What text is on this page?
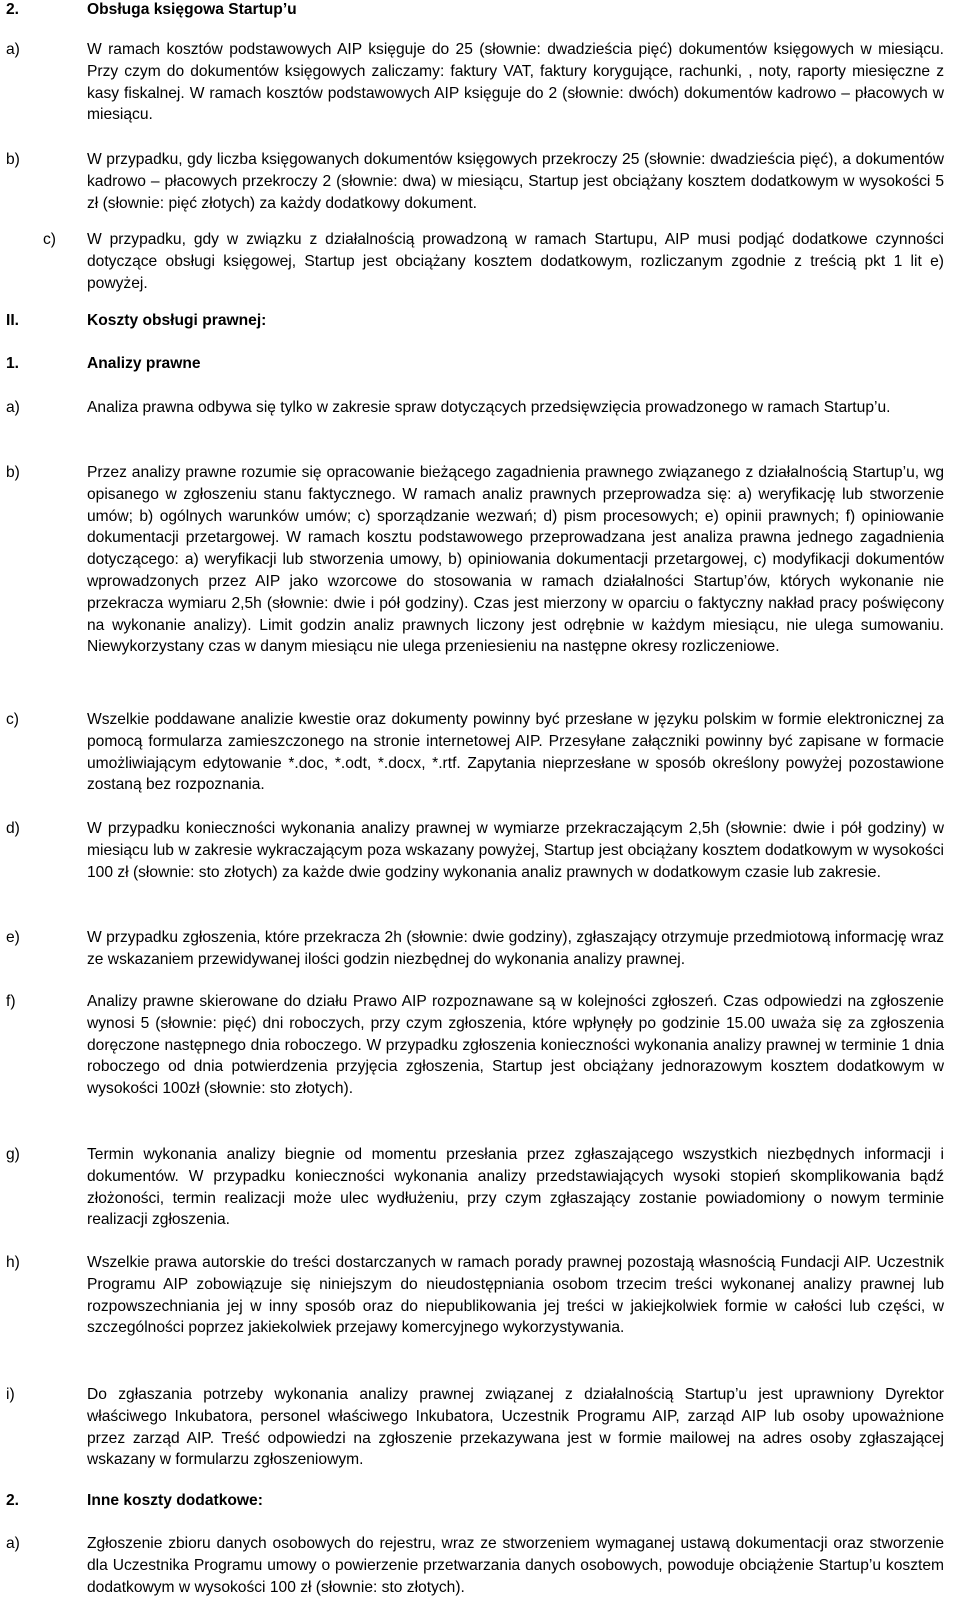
2.	Obsługa księgowa Startup’u
a)	W ramach kosztów podstawowych AIP księguje do 25 (słownie: dwadzieścia pięć) dokumentów księgowych w miesiącu. Przy czym do dokumentów księgowych zaliczamy: faktury VAT, faktury korygujące, rachunki, , noty, raporty miesięczne z kasy fiskalnej. W ramach kosztów podstawowych AIP księguje do 2 (słownie: dwóch) dokumentów kadrowo – płacowych w miesiącu.
b)	W przypadku, gdy liczba księgowanych dokumentów księgowych przekroczy 25 (słownie: dwadzieścia pięć), a dokumentów kadrowo – płacowych przekroczy 2 (słownie: dwa) w miesiącu, Startup jest obciążany kosztem dodatkowym w wysokości 5 zł (słownie: pięć złotych) za każdy dodatkowy dokument.
c) W przypadku, gdy w związku z działalnością prowadzoną w ramach Startupu, AIP musi podjąć dodatkowe czynności dotyczące obsługi księgowej, Startup jest obciążany kosztem dodatkowym, rozliczanym zgodnie z treścią pkt 1 lit e) powyżej.
II.	Koszty obsługi prawnej:
1.	Analizy prawne
a)	Analiza prawna odbywa się tylko w zakresie spraw dotyczących przedsięwzięcia prowadzonego w ramach Startup’u.
b)	Przez analizy prawne rozumie się opracowanie bieżącego zagadnienia prawnego związanego z działalnością Startup’u, wg opisanego w zgłoszeniu stanu faktycznego. W ramach analiz prawnych przeprowadza się: a) weryfikację lub stworzenie umów; b) ogólnych warunków umów; c) sporządzanie wezwań; d) pism procesowych; e) opinii prawnych; f) opiniowanie dokumentacji przetargowej. W ramach kosztu podstawowego przeprowadzana jest analiza prawna jednego zagadnienia dotyczącego: a) weryfikacji lub stworzenia umowy, b) opiniowania dokumentacji przetargowej, c) modyfikacji dokumentów wprowadzonych przez AIP jako wzorcowe do stosowania w ramach działalności Startup’ów, których wykonanie nie przekracza wymiaru 2,5h (słownie: dwie i pół godziny). Czas jest mierzony w oparciu o faktyczny nakład pracy poświęcony na wykonanie analizy). Limit godzin analiz prawnych liczony jest odrębnie w każdym miesiącu, nie ulega sumowaniu. Niewykorzystany czas w danym miesiącu nie ulega przeniesieniu na następne okresy rozliczeniowe.
c)	Wszelkie poddawane analizie kwestie oraz dokumenty powinny być przesłane w języku polskim w formie elektronicznej za pomocą formularza zamieszczonego na stronie internetowej AIP. Przesyłane załączniki powinny być zapisane w formacie umożliwiającym edytowanie *.doc, *.odt, *.docx, *.rtf. Zapytania nieprzesłane w sposób określony powyżej pozostawione zostaną bez rozpoznania.
d)	W przypadku konieczności wykonania analizy prawnej w wymiarze przekraczającym 2,5h (słownie: dwie i pół godziny) w miesiącu lub w zakresie wykraczającym poza wskazany powyżej, Startup jest obciążany kosztem dodatkowym w wysokości 100 zł (słownie: sto złotych) za każde dwie godziny wykonania analiz prawnych w dodatkowym czasie lub zakresie.
e)	W przypadku zgłoszenia, które przekracza 2h (słownie: dwie godziny), zgłaszający otrzymuje przedmiotową informację wraz ze wskazaniem przewidywanej ilości godzin niezbędnej do wykonania analizy prawnej.
f)	Analizy prawne skierowane do działu Prawo AIP rozpoznawane są w kolejności zgłoszeń. Czas odpowiedzi na zgłoszenie wynosi 5 (słownie: pięć) dni roboczych, przy czym zgłoszenia, które wpłynęły po godzinie 15.00 uważa się za zgłoszenia doręczone następnego dnia roboczego. W przypadku zgłoszenia konieczności wykonania analizy prawnej w terminie 1 dnia roboczego od dnia potwierdzenia przyjęcia zgłoszenia, Startup jest obciążany jednorazowym kosztem dodatkowym w wysokości 100zł (słownie: sto złotych).
g)	Termin wykonania analizy biegnie od momentu przesłania przez zgłaszającego wszystkich niezbędnych informacji i dokumentów. W przypadku konieczności wykonania analizy przedstawiających wysoki stopień skomplikowania bądź złożoności, termin realizacji może ulec wydłużeniu, przy czym zgłaszający zostanie powiadomiony o nowym terminie realizacji zgłoszenia.
h)	Wszelkie prawa autorskie do treści dostarczanych w ramach porady prawnej pozostają własnością Fundacji AIP. Uczestnik Programu AIP zobowiązuje się niniejszym do nieudostępniania osobom trzecim treści wykonanej analizy prawnej lub rozpowszechniania jej w inny sposób oraz do niepublikowania jej treści w jakiejkolwiek formie w całości lub części, w szczególności poprzez jakiekolwiek przejawy komercyjnego wykorzystywania.
i)	Do zgłaszania potrzeby wykonania analizy prawnej związanej z działalnością Startup’u jest uprawniony Dyrektor właściwego Inkubatora, personel właściwego Inkubatora, Uczestnik Programu AIP, zarząd AIP lub osoby upoważnione przez zarząd AIP. Treść odpowiedzi na zgłoszenie przekazywana jest w formie mailowej na adres osoby zgłaszającej wskazany w formularzu zgłoszeniowym.
2.	Inne koszty dodatkowe:
a)	Zgłoszenie zbioru danych osobowych do rejestru, wraz ze stworzeniem wymaganej ustawą dokumentacji oraz stworzenie dla Uczestnika Programu umowy o powierzenie przetwarzania danych osobowych, powoduje obciążenie Startup’u kosztem dodatkowym w wysokości 100 zł (słownie: sto złotych).
